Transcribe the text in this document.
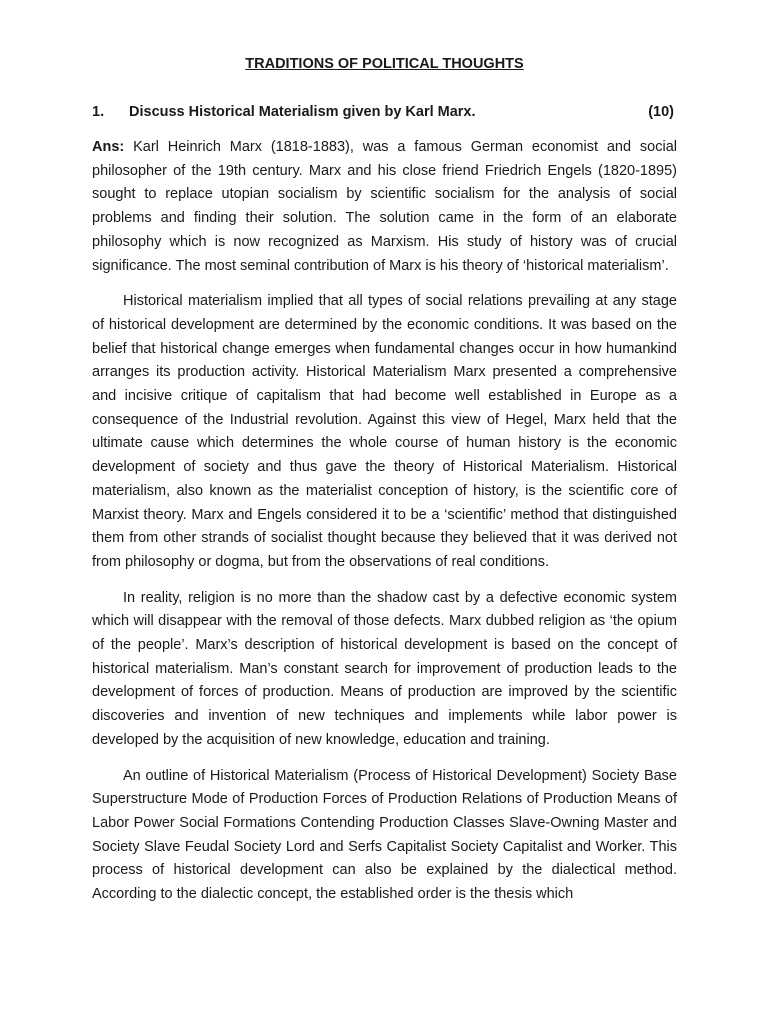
TRADITIONS OF POLITICAL THOUGHTS
1.	Discuss Historical Materialism given by Karl Marx.	(10)

Ans: Karl Heinrich Marx (1818-1883), was a famous German economist and social philosopher of the 19th century. Marx and his close friend Friedrich Engels (1820-1895) sought to replace utopian socialism by scientific socialism for the analysis of social problems and finding their solution. The solution came in the form of an elaborate philosophy which is now recognized as Marxism. His study of history was of crucial significance. The most seminal contribution of Marx is his theory of ‘historical materialism’.

Historical materialism implied that all types of social relations prevailing at any stage of historical development are determined by the economic conditions. It was based on the belief that historical change emerges when fundamental changes occur in how humankind arranges its production activity. Historical Materialism Marx presented a comprehensive and incisive critique of capitalism that had become well established in Europe as a consequence of the Industrial revolution. Against this view of Hegel, Marx held that the ultimate cause which determines the whole course of human history is the economic development of society and thus gave the theory of Historical Materialism. Historical materialism, also known as the materialist conception of history, is the scientific core of Marxist theory. Marx and Engels considered it to be a ‘scientific’ method that distinguished them from other strands of socialist thought because they believed that it was derived not from philosophy or dogma, but from the observations of real conditions.

In reality, religion is no more than the shadow cast by a defective economic system which will disappear with the removal of those defects. Marx dubbed religion as ‘the opium of the people’. Marx’s description of historical development is based on the concept of historical materialism. Man’s constant search for improvement of production leads to the development of forces of production. Means of production are improved by the scientific discoveries and invention of new techniques and implements while labor power is developed by the acquisition of new knowledge, education and training.

An outline of Historical Materialism (Process of Historical Development) Society Base Superstructure Mode of Production Forces of Production Relations of Production Means of Labor Power Social Formations Contending Production Classes Slave-Owning Master and Society Slave Feudal Society Lord and Serfs Capitalist Society Capitalist and Worker. This process of historical development can also be explained by the dialectical method. According to the dialectic concept, the established order is the thesis which
